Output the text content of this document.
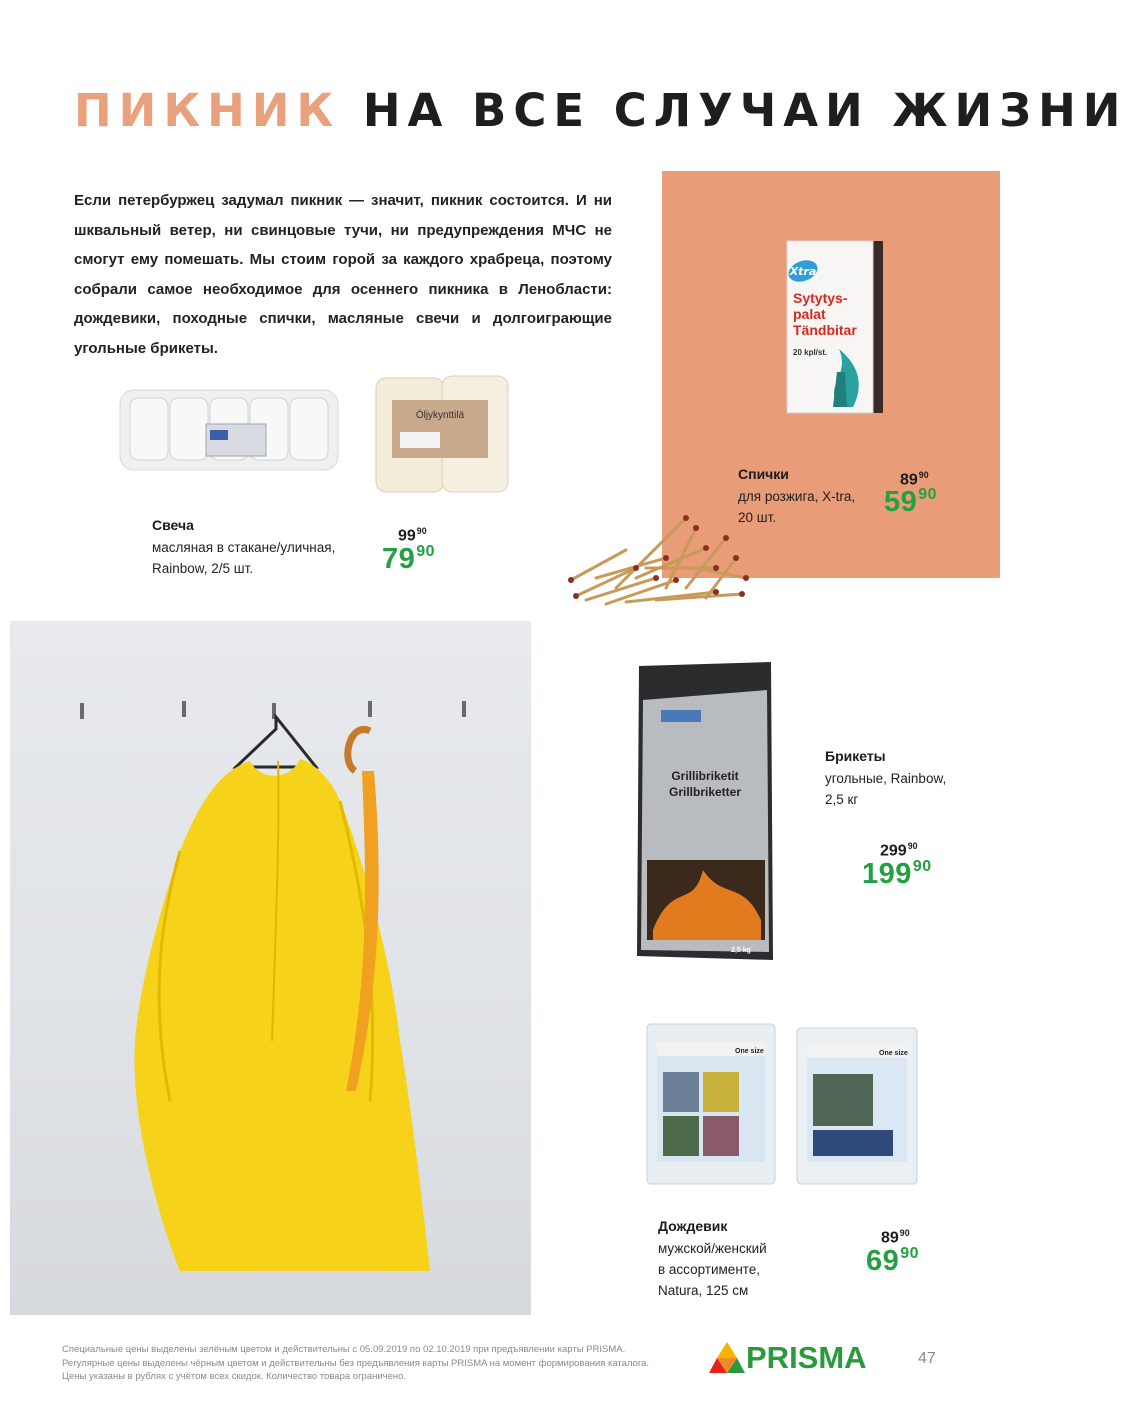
ПИКНИК НА ВСЕ СЛУЧАИ ЖИЗНИ

Если петербуржец задумал пикник — значит, пикник состоится. И ни шквальный ветер, ни свинцовые тучи, ни предупреждения МЧС не смогут ему помешать. Мы стоим горой за каждого храбреца, поэтому собрали самое необходимое для осеннего пикника в Ленобласти: дождевики, походные спички, масляные свечи и долгоиграющие угольные брикеты.

Xtra
Sytytys-
palat
Tändbitar
20 kpl/st.
Спички
для розжига, X-tra,
20 шт.
$89^{90}$
$59^{90}$
Öljykynttilä
Свеча
масляная в стакане/уличная,
Rainbow, 2/5 шт.
$99^{90}$
$79^{90}$
Grillibriketit
Grillbriketter
2,5 kg
Брикеты
угольные, Rainbow,
2,5 кг
$299^{90}$
$199^{90}$
One size	One size
Дождевик
мужской/женский
в ассортименте,
Natura, 125 см
$89^{90}$
$69^{90}$
Специальные цены выделены зелёным цветом и действительны с 05.09.2019 по 02.10.2019 при предъявлении карты PRISMA.
Регулярные цены выделены чёрным цветом и действительны без предъявления карты PRISMA на момент формирования каталога.
Цены указаны в рублях с учётом всех скидок. Количество товара ограничено.
PRISMA	47
